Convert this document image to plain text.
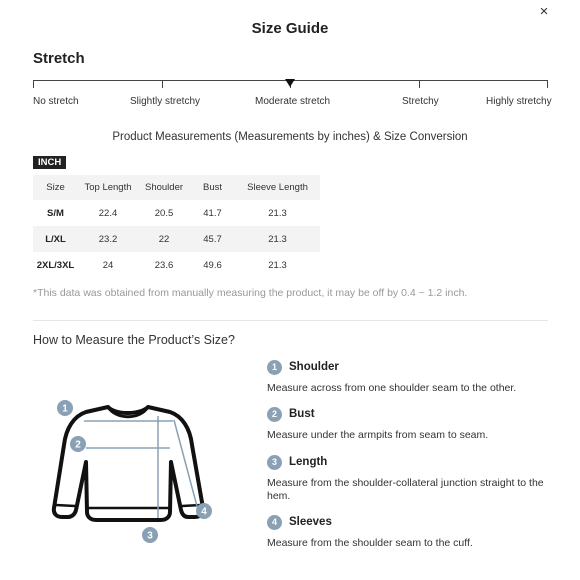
Size Guide
×
Stretch
No stretch	Slightly stretchy	Moderate stretch	Stretchy	Highly stretchy
Product Measurements (Measurements by inches) & Size Conversion
INCH
Size	Top Length	Shoulder	Bust	Sleeve Length
S/M	22.4	20.5	41.7	21.3
L/XL	23.2	22	45.7	21.3
2XL/3XL	24	23.6	49.6	21.3
*This data was obtained from manually measuring the product, it may be off by 0.4 ~ 1.2 inch.
How to Measure the Product’s Size?
1
2
3
4
1	Shoulder
Measure across from one shoulder seam to the other.
2	Bust
Measure under the armpits from seam to seam.
3	Length
Measure from the shoulder-collateral junction straight to the hem.
4	Sleeves
Measure from the shoulder seam to the cuff.
